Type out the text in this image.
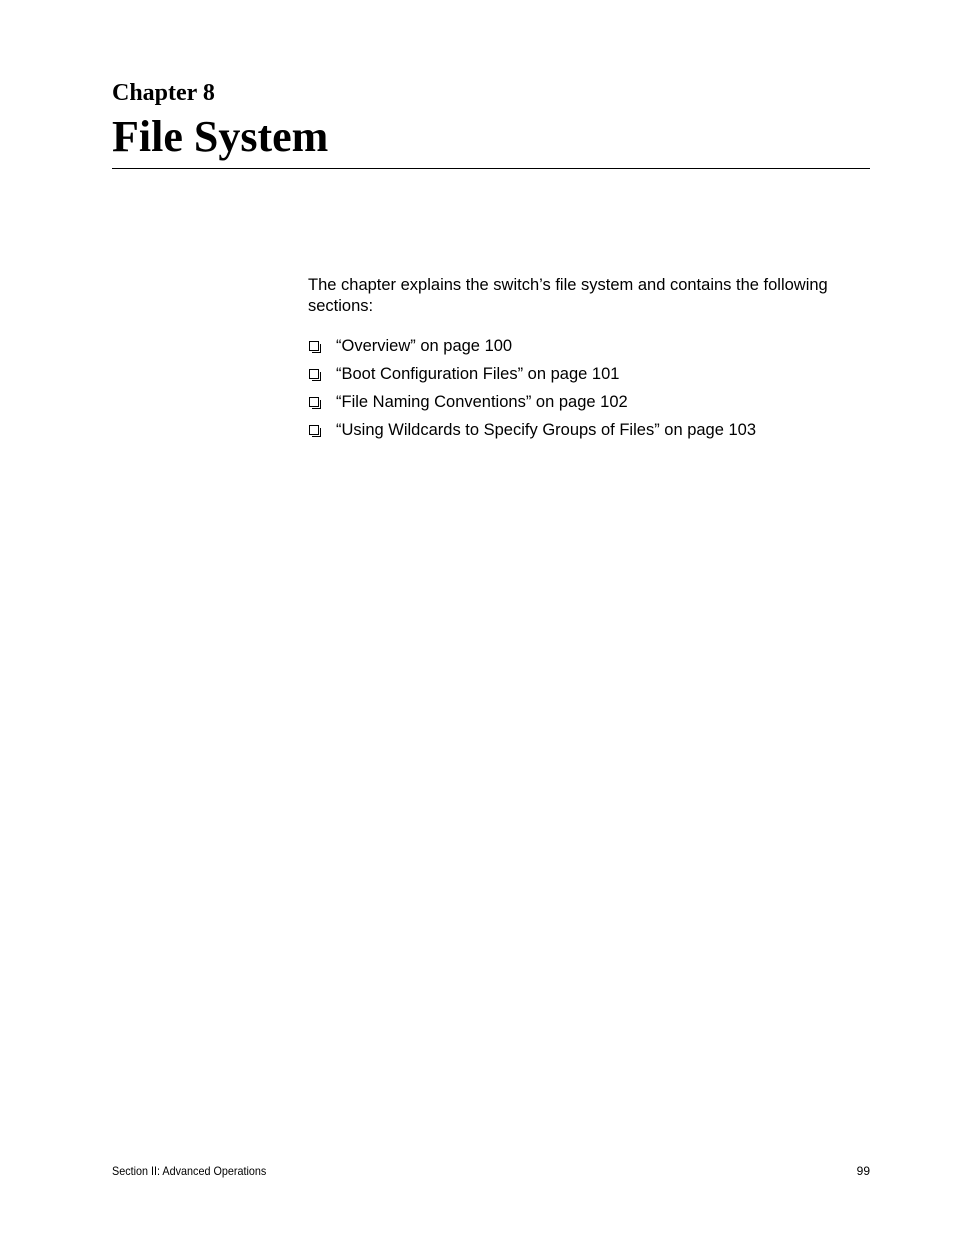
Chapter 8
File System

The chapter explains the switch’s file system and contains the following sections:

“Overview” on page 100
“Boot Configuration Files” on page 101
“File Naming Conventions” on page 102
“Using Wildcards to Specify Groups of Files” on page 103
Section II: Advanced Operations	99
